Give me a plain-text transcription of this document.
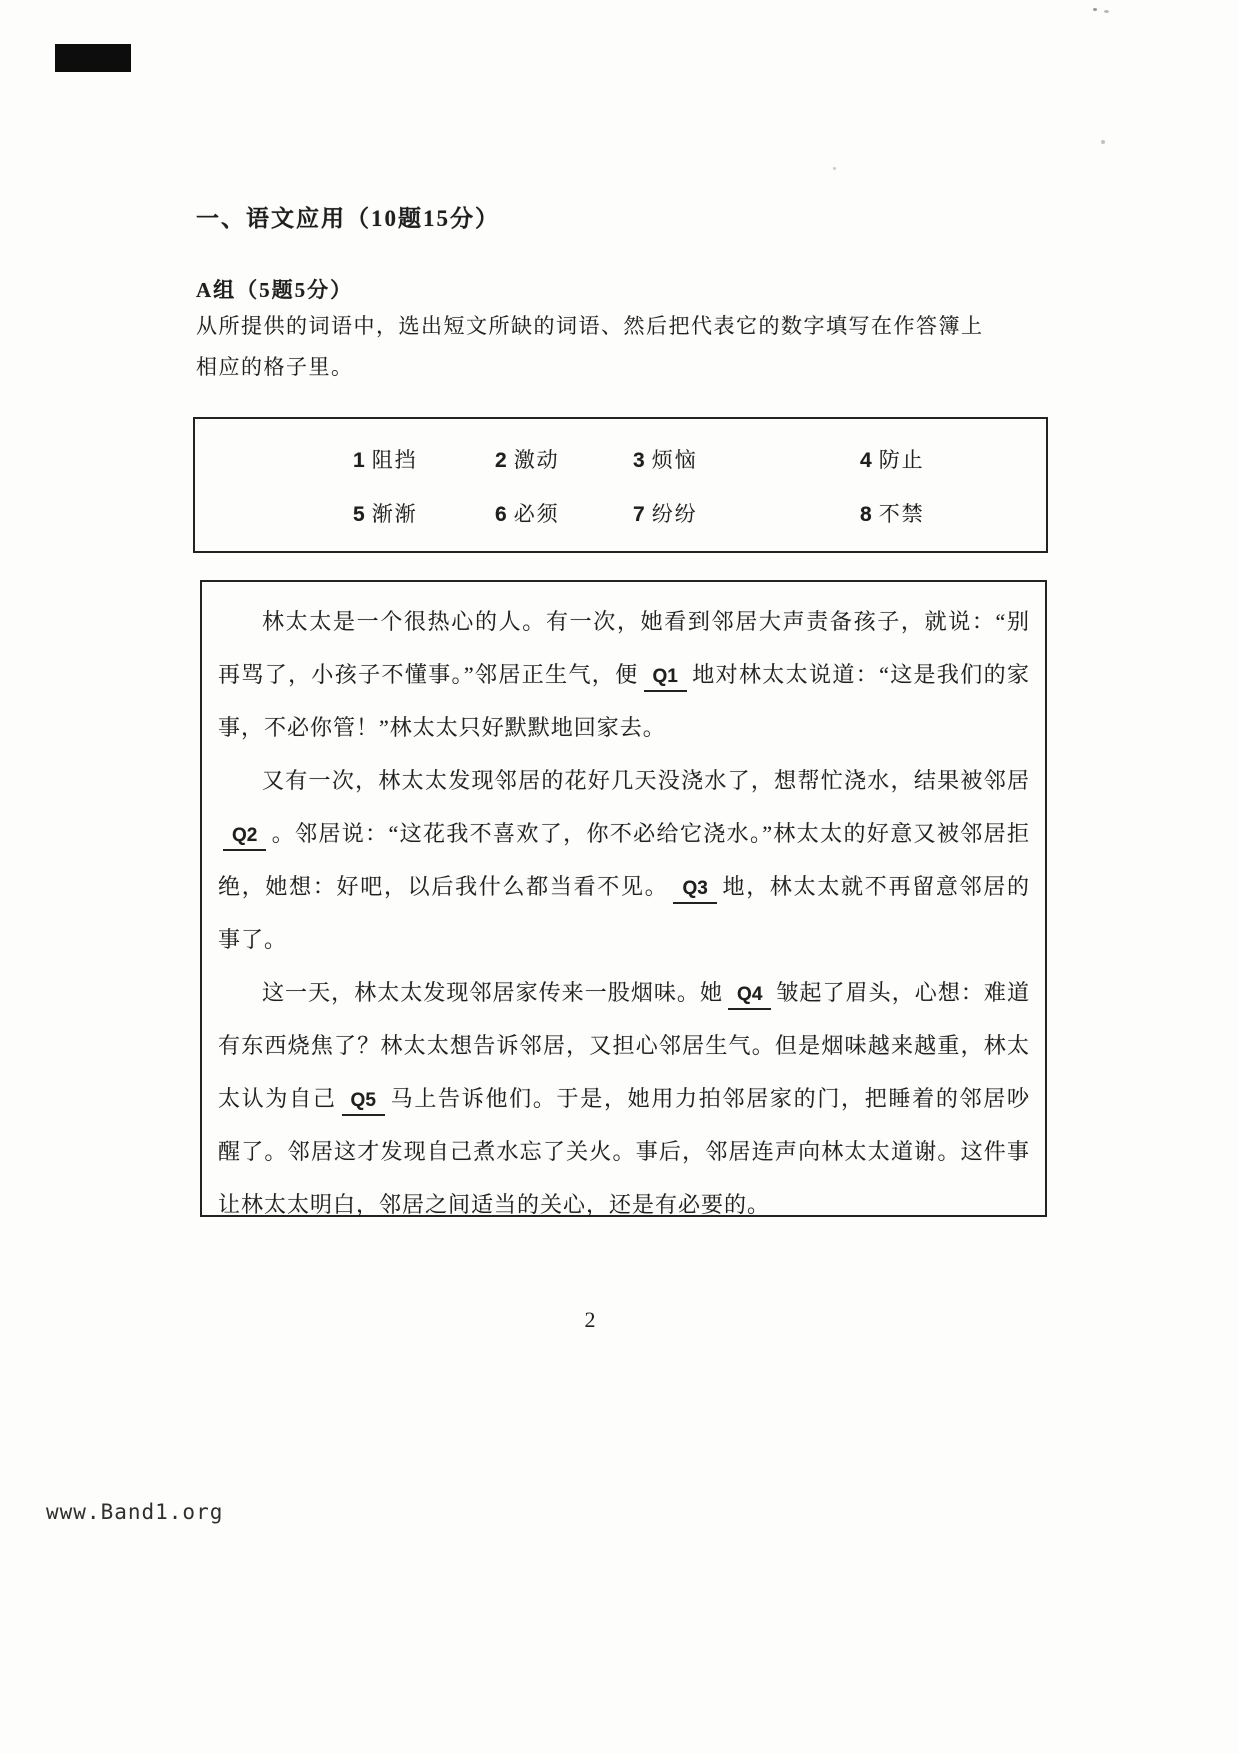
一、语文应用（10题15分）
A组（5题5分）
从所提供的词语中，选出短文所缺的词语、然后把代表它的数字填写在作答簿上
相应的格子里。
1 阻挡	2 激动	3 烦恼	4 防止
5 渐渐	6 必须	7 纷纷	8 不禁

林太太是一个很热心的人。有一次，她看到邻居大声责备孩子，就说：“别再骂了，小孩子不懂事。”邻居正生气，便 Q1 地对林太太说道：“这是我们的家事，不必你管！”林太太只好默默地回家去。

又有一次，林太太发现邻居的花好几天没浇水了，想帮忙浇水，结果被邻居Q2 。邻居说：“这花我不喜欢了，你不必给它浇水。”林太太的好意又被邻居拒绝，她想：好吧，以后我什么都当看不见。 Q3 地，林太太就不再留意邻居的事了。

这一天，林太太发现邻居家传来一股烟味。她 Q4 皱起了眉头，心想：难道有东西烧焦了？林太太想告诉邻居，又担心邻居生气。但是烟味越来越重，林太太认为自己 Q5 马上告诉他们。于是，她用力拍邻居家的门，把睡着的邻居吵醒了。邻居这才发现自己煮水忘了关火。事后，邻居连声向林太太道谢。这件事让林太太明白，邻居之间适当的关心，还是有必要的。

2
www.Band1.org
